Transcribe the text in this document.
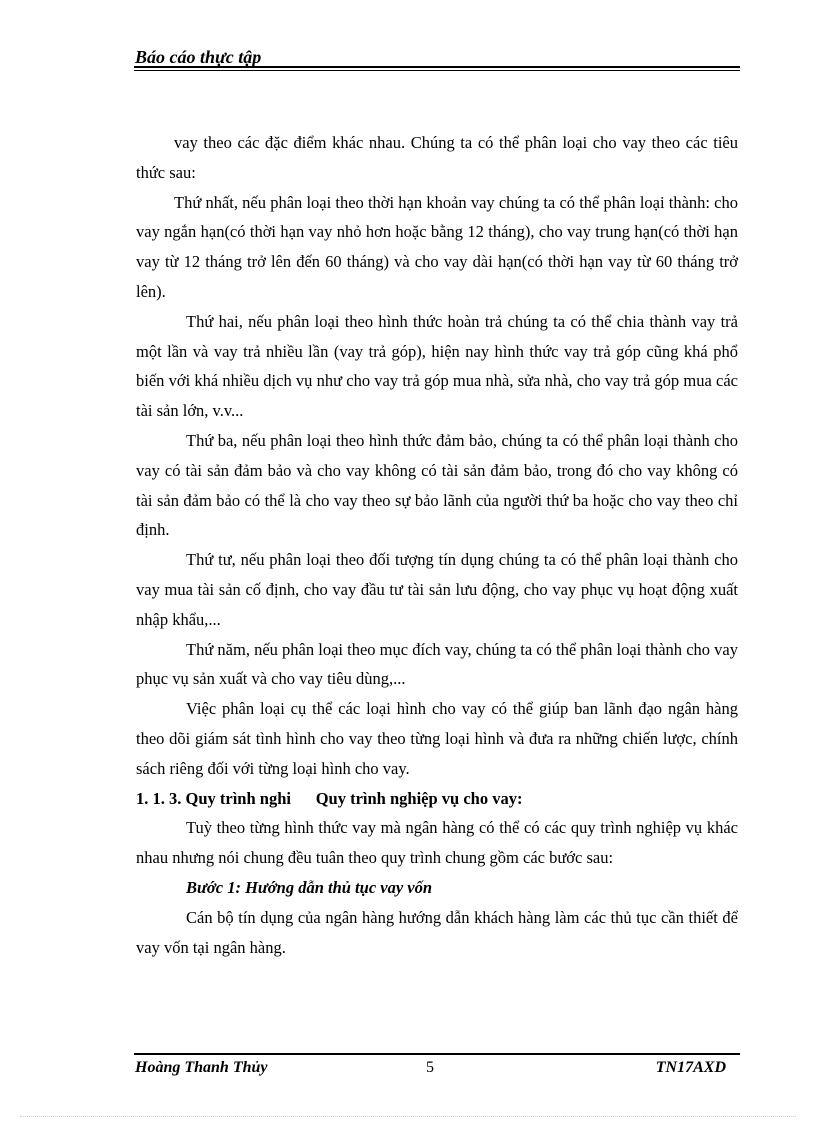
Báo cáo thực tập

vay theo các đặc điểm khác nhau. Chúng ta có thể phân loại cho vay theo các tiêu thức sau:

Thứ nhất, nếu phân loại theo thời hạn khoản vay chúng ta có thể phân loại thành: cho vay ngắn hạn(có thời hạn vay nhỏ hơn hoặc bằng 12 tháng), cho vay trung hạn(có thời hạn vay từ 12 tháng trở lên đến 60 tháng) và cho vay dài hạn(có thời hạn vay từ 60 tháng trở lên).

Thứ hai, nếu phân loại theo hình thức hoàn trả chúng ta có thể chia thành vay trả một lần và vay trả nhiều lần (vay trả góp), hiện nay hình thức vay trả góp cũng khá phổ biến với khá nhiều dịch vụ như cho vay trả góp mua nhà, sửa nhà, cho vay trả góp mua các tài sản lớn, v.v...

Thứ ba, nếu phân loại theo hình thức đảm bảo, chúng ta có thể phân loại thành cho vay có tài sản đảm bảo và cho vay không có tài sản đảm bảo, trong đó cho vay không có tài sản đảm bảo có thể là cho vay theo sự bảo lãnh của người thứ ba hoặc cho vay theo chỉ định.

Thứ tư, nếu phân loại theo đối tượng tín dụng chúng ta có thể phân loại thành cho vay mua tài sản cố định, cho vay đầu tư tài sản lưu động, cho vay phục vụ hoạt động xuất nhập khẩu,...

Thứ năm, nếu phân loại theo mục đích vay, chúng ta có thể phân loại thành cho vay phục vụ sản xuất và cho vay tiêu dùng,...

Việc phân loại cụ thể các loại hình cho vay có thể giúp ban lãnh đạo ngân hàng theo dõi giám sát tình hình cho vay theo từng loại hình và đưa ra những chiến lược, chính sách riêng đối với từng loại hình cho vay.

1. 1. 3. Quy trình nghi      Quy trình nghiệp vụ cho vay:

Tuỳ theo từng hình thức vay mà ngân hàng có thể có các quy trình nghiệp vụ khác nhau nhưng nói chung đều tuân theo quy trình chung gồm các bước sau:

Bước 1: Hướng dẫn thủ tục vay vốn

Cán bộ tín dụng của ngân hàng hướng dẫn khách hàng làm các thủ tục cần thiết để vay vốn tại ngân hàng.

Hoàng Thanh Thủy	5	TN17AXD
